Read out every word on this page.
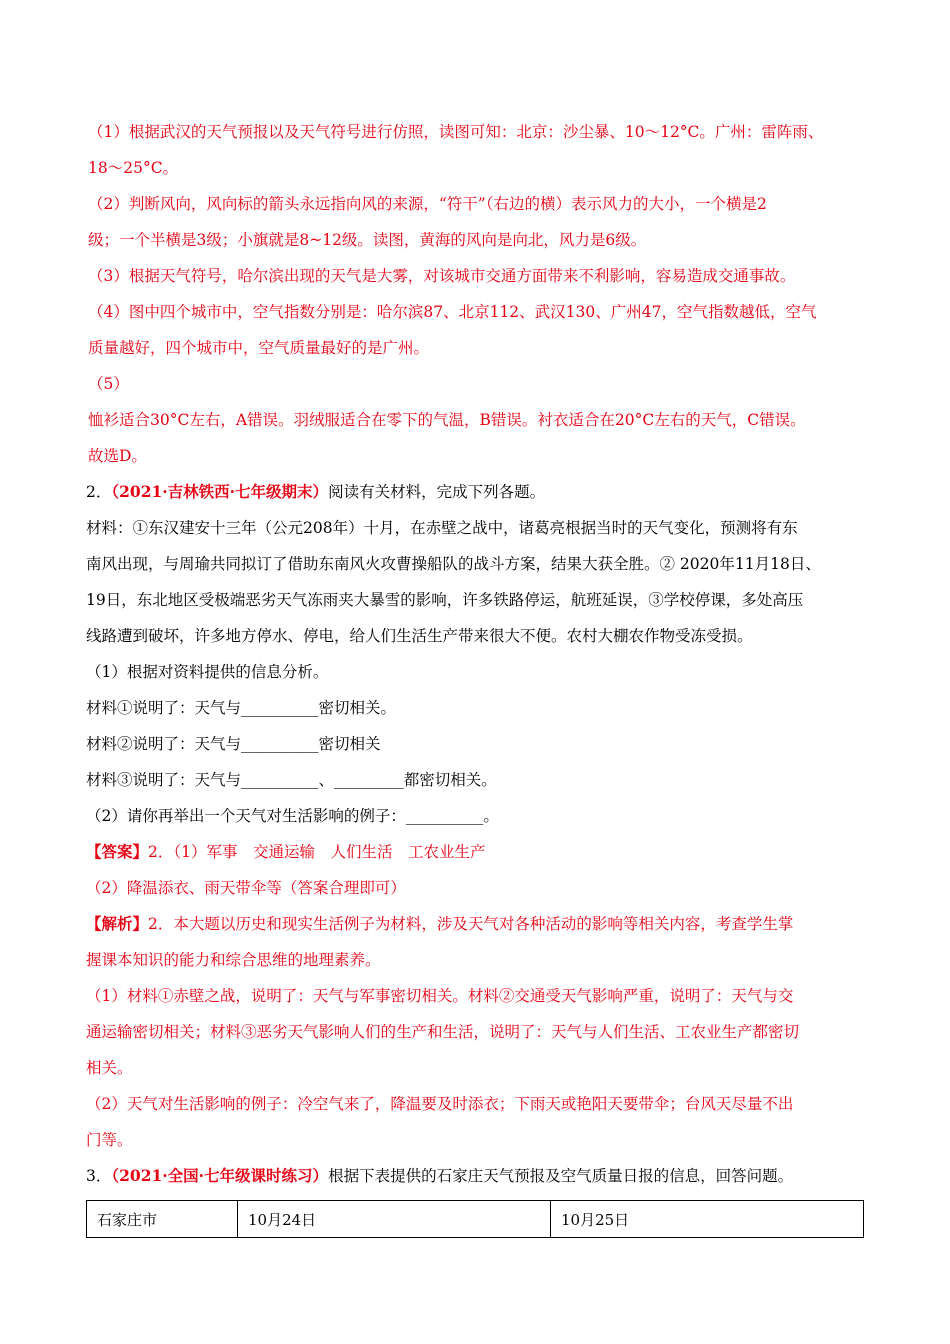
（1）根据武汉的天气预报以及天气符号进行仿照，读图可知：北京：沙尘暴、10～12°C。广州：雷阵雨、

18～25°C。

（2）判断风向，风向标的箭头永远指向风的来源，“符干”（右边的横）表示风力的大小，一个横是2

级；一个半横是3级；小旗就是8~12级。读图，黄海的风向是向北，风力是6级。

（3）根据天气符号，哈尔滨出现的天气是大雾，对该城市交通方面带来不利影响，容易造成交通事故。

（4）图中四个城市中，空气指数分别是：哈尔滨87、北京112、武汉130、广州47，空气指数越低，空气

质量越好，四个城市中，空气质量最好的是广州。

（5）

恤衫适合30°C左右，A错误。羽绒服适合在零下的气温，B错误。衬衣适合在20°C左右的天气，C错误。

故选D。

2．（2021·吉林铁西·七年级期末）阅读有关材料，完成下列各题。

材料：①东汉建安十三年（公元208年）十月，在赤壁之战中，诸葛亮根据当时的天气变化，预测将有东

南风出现，与周瑜共同拟订了借助东南风火攻曹操船队的战斗方案，结果大获全胜。② 2020年11月18日、

19日，东北地区受极端恶劣天气冻雨夹大暴雪的影响，许多铁路停运，航班延误，③学校停课，多处高压

线路遭到破坏，许多地方停水、停电，给人们生活生产带来很大不便。农村大棚农作物受冻受损。

（1）根据对资料提供的信息分析。

材料①说明了：天气与__________密切相关。

材料②说明了：天气与__________密切相关

材料③说明了：天气与__________、_________都密切相关。

（2）请你再举出一个天气对生活影响的例子：__________。

【答案】2．（1）军事　交通运输　人们生活　工农业生产

（2）降温添衣、雨天带伞等（答案合理即可）

【解析】2．本大题以历史和现实生活例子为材料，涉及天气对各种活动的影响等相关内容，考查学生掌

握课本知识的能力和综合思维的地理素养。

（1）材料①赤壁之战，说明了：天气与军事密切相关。材料②交通受天气影响严重，说明了：天气与交

通运输密切相关；材料③恶劣天气影响人们的生产和生活，说明了：天气与人们生活、工农业生产都密切

相关。

（2）天气对生活影响的例子：冷空气来了，降温要及时添衣；下雨天或艳阳天要带伞；台风天尽量不出

门等。

3．（2021·全国·七年级课时练习）根据下表提供的石家庄天气预报及空气质量日报的信息，回答问题。

石家庄市	10月24日	10月25日
